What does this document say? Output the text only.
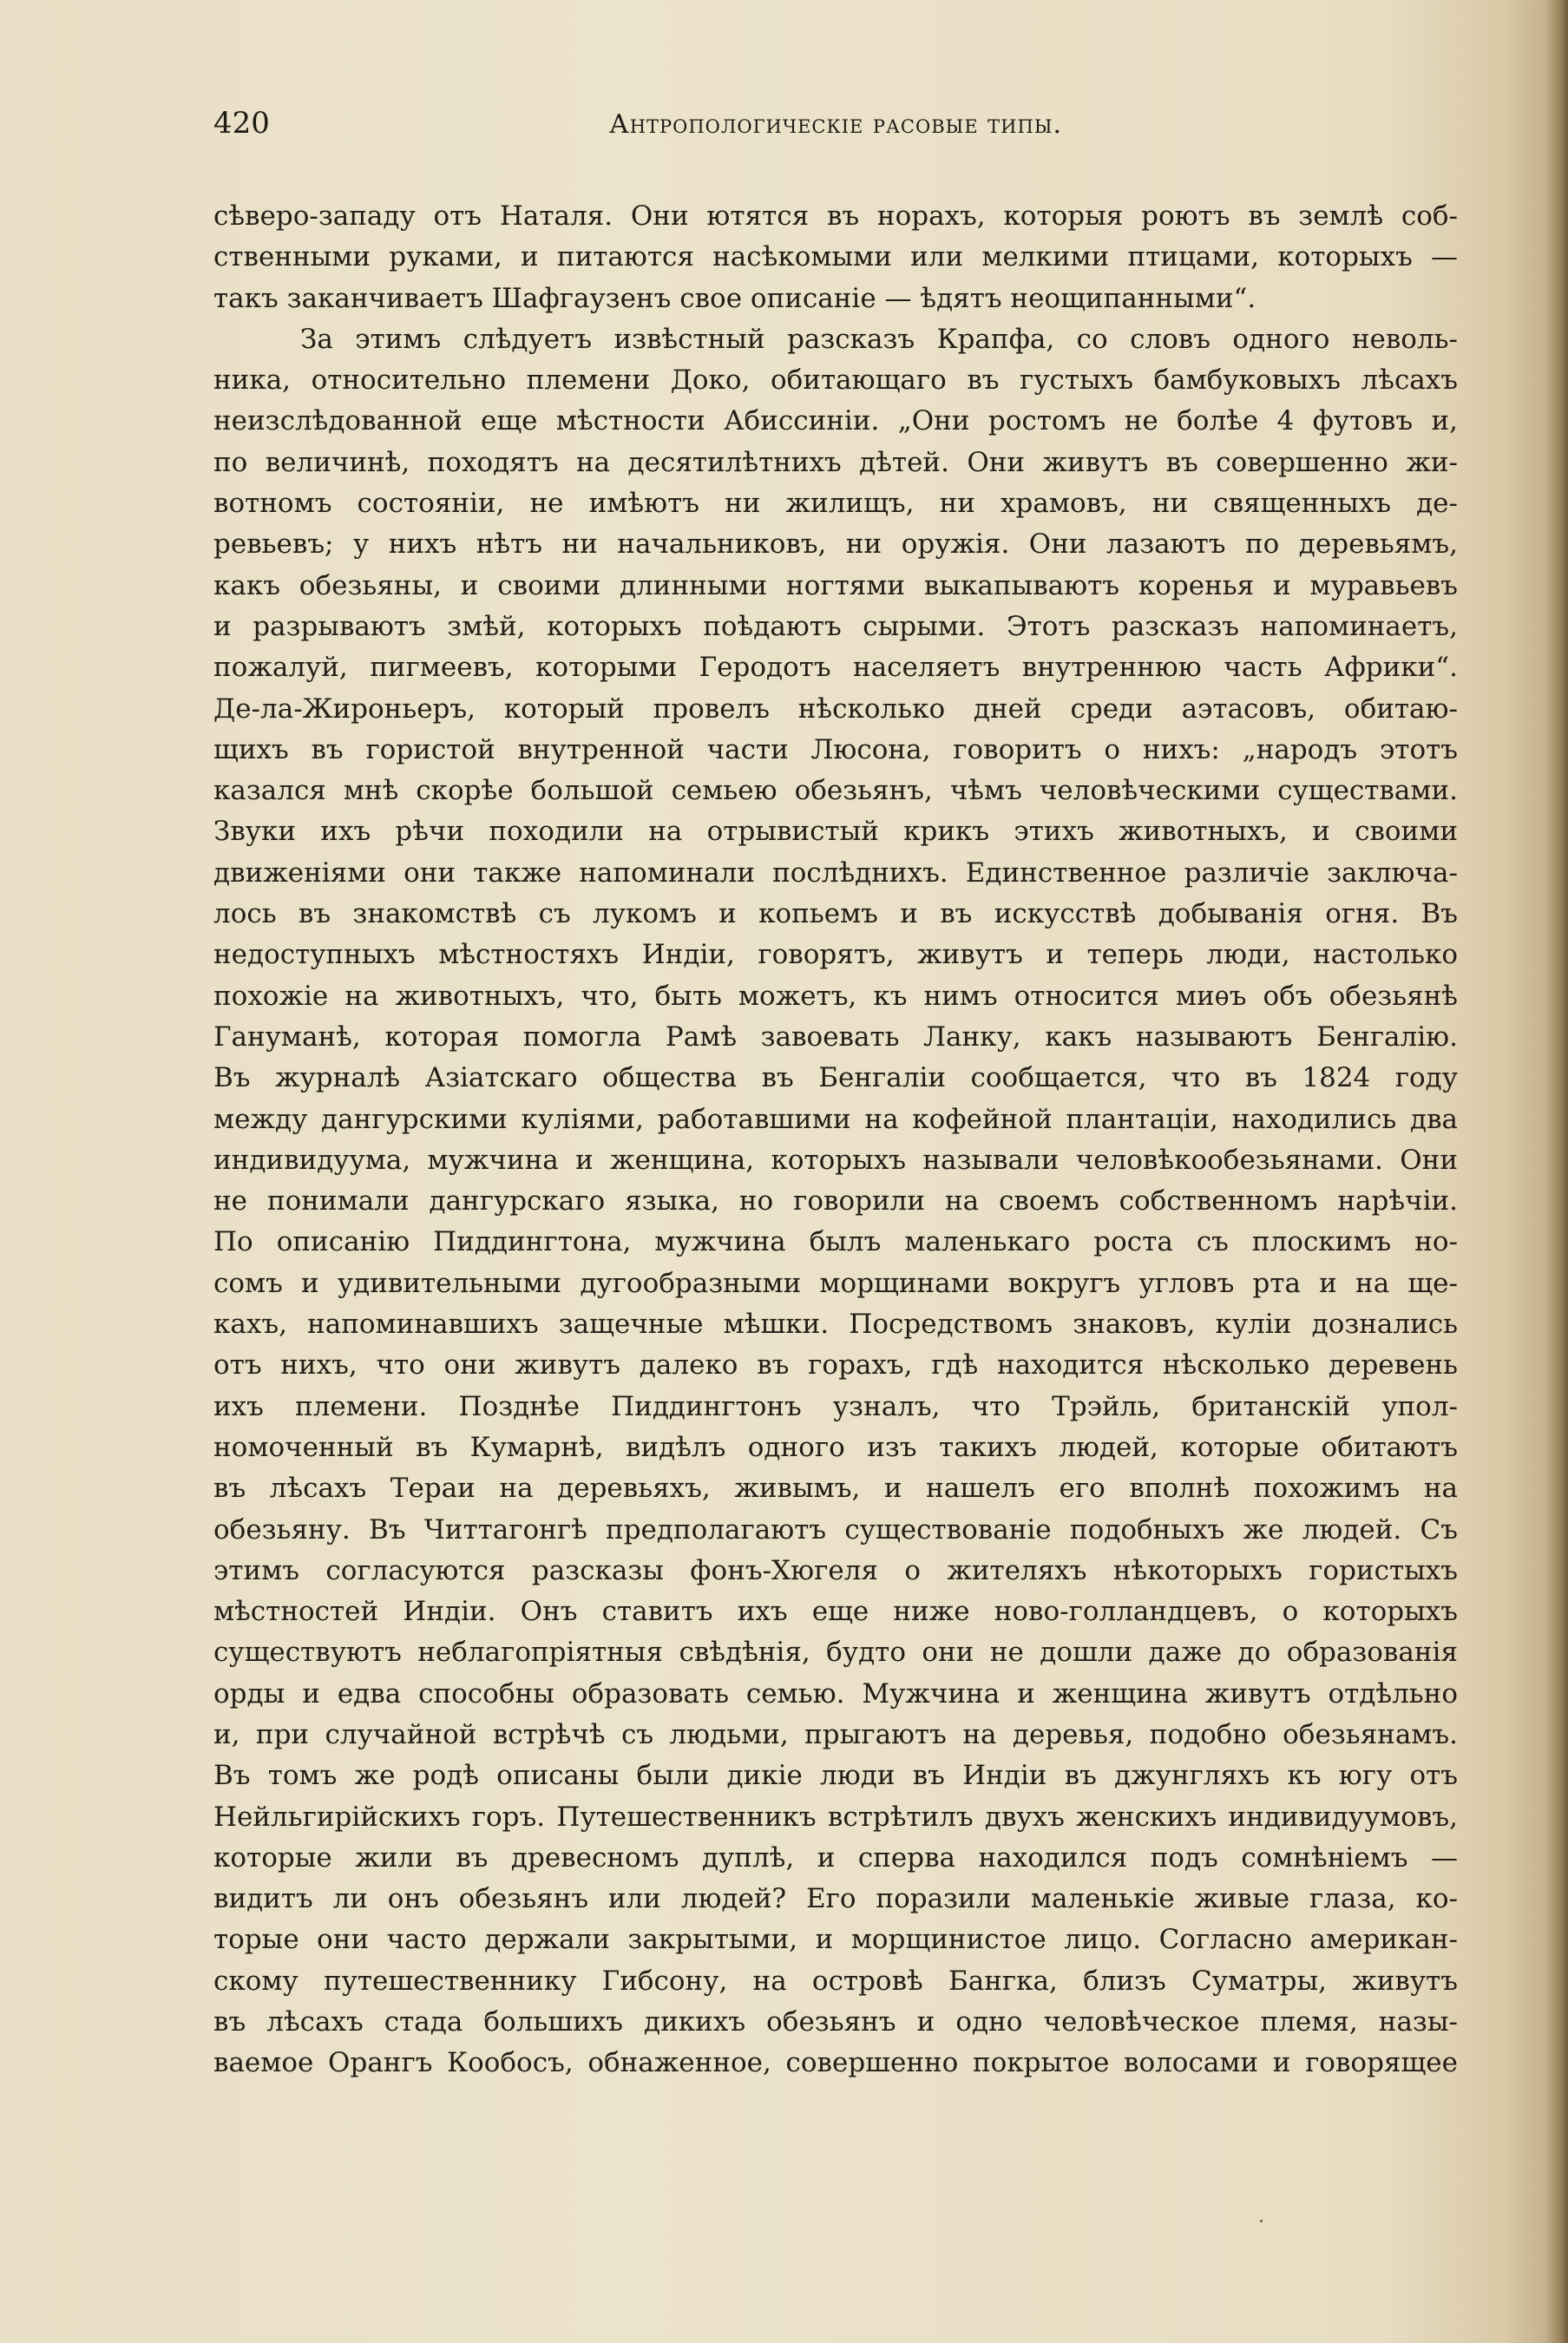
420	Антропологическіе расовые типы.
сѣверо-западу отъ Наталя. Они ютятся въ норахъ, которыя роютъ въ землѣ соб-
ственными руками, и питаются насѣкомыми или мелкими птицами, которыхъ —
такъ заканчиваетъ Шафгаузенъ свое описаніе — ѣдятъ неощипанными“.
За этимъ слѣдуетъ извѣстный разсказъ Крапфа, со словъ одного неволь-
ника, относительно племени Доко, обитающаго въ густыхъ бамбуковыхъ лѣсахъ
неизслѣдованной еще мѣстности Абиссиніи. „Они ростомъ не болѣе 4 футовъ и,
по величинѣ, походятъ на десятилѣтнихъ дѣтей. Они живутъ въ совершенно жи-
вотномъ состояніи, не имѣютъ ни жилищъ, ни храмовъ, ни священныхъ де-
ревьевъ; у нихъ нѣтъ ни начальниковъ, ни оружія. Они лазаютъ по деревьямъ,
какъ обезьяны, и своими длинными ногтями выкапываютъ коренья и муравьевъ
и разрываютъ змѣй, которыхъ поѣдаютъ сырыми. Этотъ разсказъ напоминаетъ,
пожалуй, пигмеевъ, которыми Геродотъ населяетъ внутреннюю часть Африки“.
Де-ла-Жироньеръ, который провелъ нѣсколько дней среди аэтасовъ, обитаю-
щихъ въ гористой внутренной части Люсона, говоритъ о нихъ: „народъ этотъ
казался мнѣ скорѣе большой семьею обезьянъ, чѣмъ человѣческими существами.
Звуки ихъ рѣчи походили на отрывистый крикъ этихъ животныхъ, и своими
движеніями они также напоминали послѣднихъ. Единственное различіе заключа-
лось въ знакомствѣ съ лукомъ и копьемъ и въ искусствѣ добыванія огня. Въ
недоступныхъ мѣстностяхъ Индіи, говорятъ, живутъ и теперь люди, настолько
похожіе на животныхъ, что, быть можетъ, къ нимъ относится миѳъ объ обезьянѣ
Гануманѣ, которая помогла Рамѣ завоевать Ланку, какъ называютъ Бенгалію.
Въ журналѣ Азіатскаго общества въ Бенгаліи сообщается, что въ 1824 году
между дангурскими куліями, работавшими на кофейной плантаціи, находились два
индивидуума, мужчина и женщина, которыхъ называли человѣкообезьянами. Они
не понимали дангурскаго языка, но говорили на своемъ собственномъ нарѣчіи.
По описанію Пиддингтона, мужчина былъ маленькаго роста съ плоскимъ но-
сомъ и удивительными дугообразными морщинами вокругъ угловъ рта и на ще-
кахъ, напоминавшихъ защечные мѣшки. Посредствомъ знаковъ, куліи дознались
отъ нихъ, что они живутъ далеко въ горахъ, гдѣ находится нѣсколько деревень
ихъ племени. Позднѣе Пиддингтонъ узналъ, что Трэйль, британскій упол-
номоченный въ Кумарнѣ, видѣлъ одного изъ такихъ людей, которые обитаютъ
въ лѣсахъ Тераи на деревьяхъ, живымъ, и нашелъ его вполнѣ похожимъ на
обезьяну. Въ Читтагонгѣ предполагаютъ существованіе подобныхъ же людей. Съ
этимъ согласуются разсказы фонъ-Хюгеля о жителяхъ нѣкоторыхъ гористыхъ
мѣстностей Индіи. Онъ ставитъ ихъ еще ниже ново-голландцевъ, о которыхъ
существуютъ неблагопріятныя свѣдѣнія, будто они не дошли даже до образованія
орды и едва способны образовать семью. Мужчина и женщина живутъ отдѣльно
и, при случайной встрѣчѣ съ людьми, прыгаютъ на деревья, подобно обезьянамъ.
Въ томъ же родѣ описаны были дикіе люди въ Индіи въ джунгляхъ къ югу отъ
Нейльгирійскихъ горъ. Путешественникъ встрѣтилъ двухъ женскихъ индивидуумовъ,
которые жили въ древесномъ дуплѣ, и сперва находился подъ сомнѣніемъ —
видитъ ли онъ обезьянъ или людей? Его поразили маленькіе живые глаза, ко-
торые они часто держали закрытыми, и морщинистое лицо. Согласно американ-
скому путешественнику Гибсону, на островѣ Бангка, близъ Суматры, живутъ
въ лѣсахъ стада большихъ дикихъ обезьянъ и одно человѣческое племя, назы-
ваемое Орангъ Кообосъ, обнаженное, совершенно покрытое волосами и говорящее
